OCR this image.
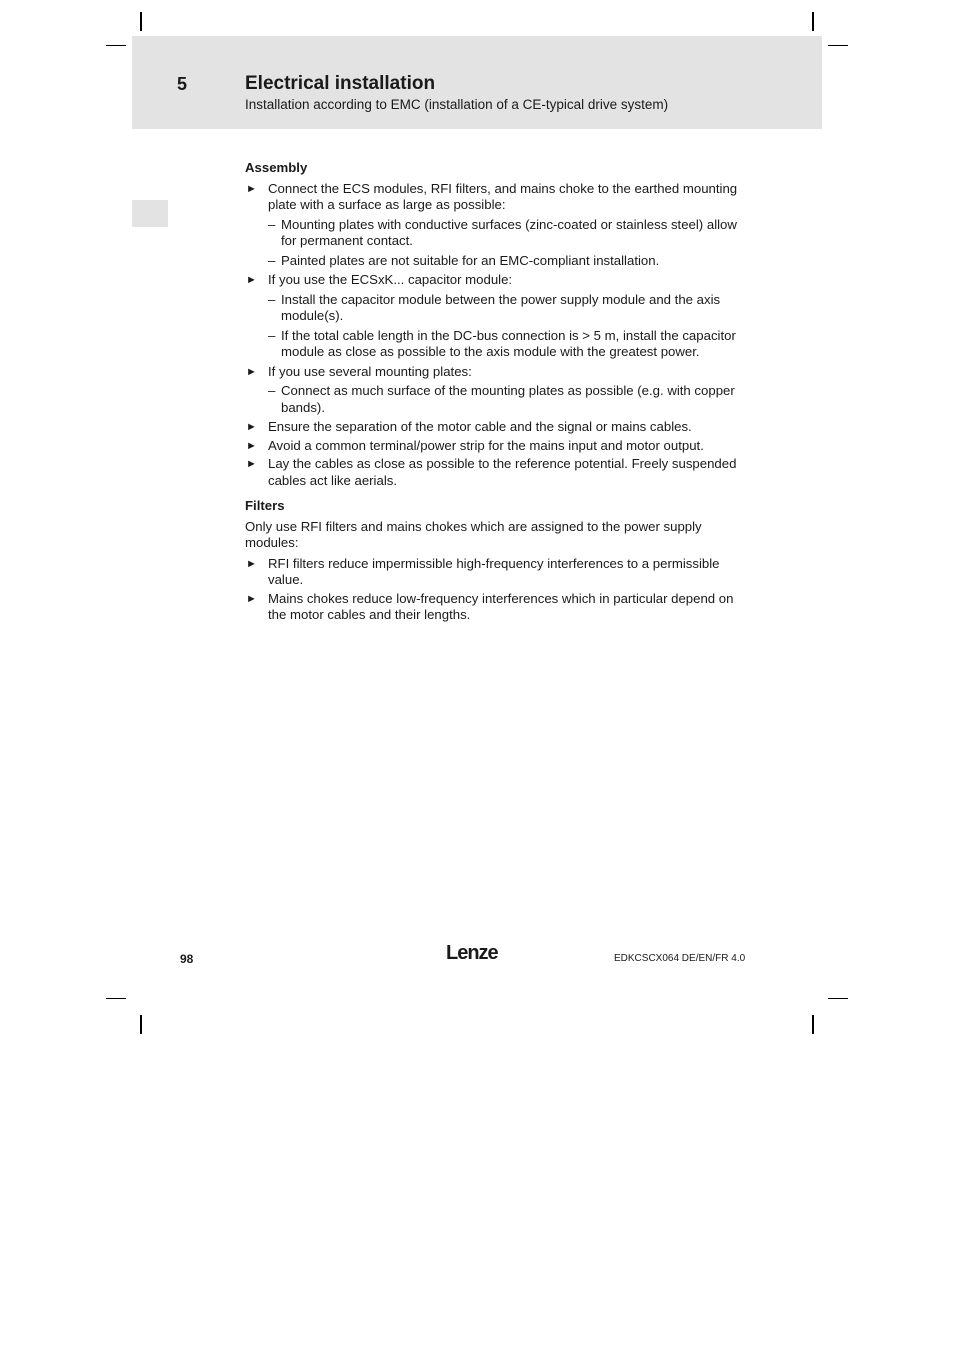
5	Electrical installation
Installation according to EMC (installation of a CE-typical drive system)
Assembly
► Connect the ECS modules, RFI filters, and mains choke to the earthed mounting plate with a surface as large as possible:
– Mounting plates with conductive surfaces (zinc-coated or stainless steel) allow for permanent contact.
– Painted plates are not suitable for an EMC-compliant installation.
► If you use the ECSxK... capacitor module:
– Install the capacitor module between the power supply module and the axis module(s).
– If the total cable length in the DC-bus connection is > 5 m, install the capacitor module as close as possible to the axis module with the greatest power.
► If you use several mounting plates:
– Connect as much surface of the mounting plates as possible (e.g. with copper bands).
► Ensure the separation of the motor cable and the signal or mains cables.
► Avoid a common terminal/power strip for the mains input and motor output.
► Lay the cables as close as possible to the reference potential. Freely suspended cables act like aerials.
Filters
Only use RFI filters and mains chokes which are assigned to the power supply modules:
► RFI filters reduce impermissible high-frequency interferences to a permissible value.
► Mains chokes reduce low-frequency interferences which in particular depend on the motor cables and their lengths.
98	Lenze	EDKCSCX064 DE/EN/FR 4.0
